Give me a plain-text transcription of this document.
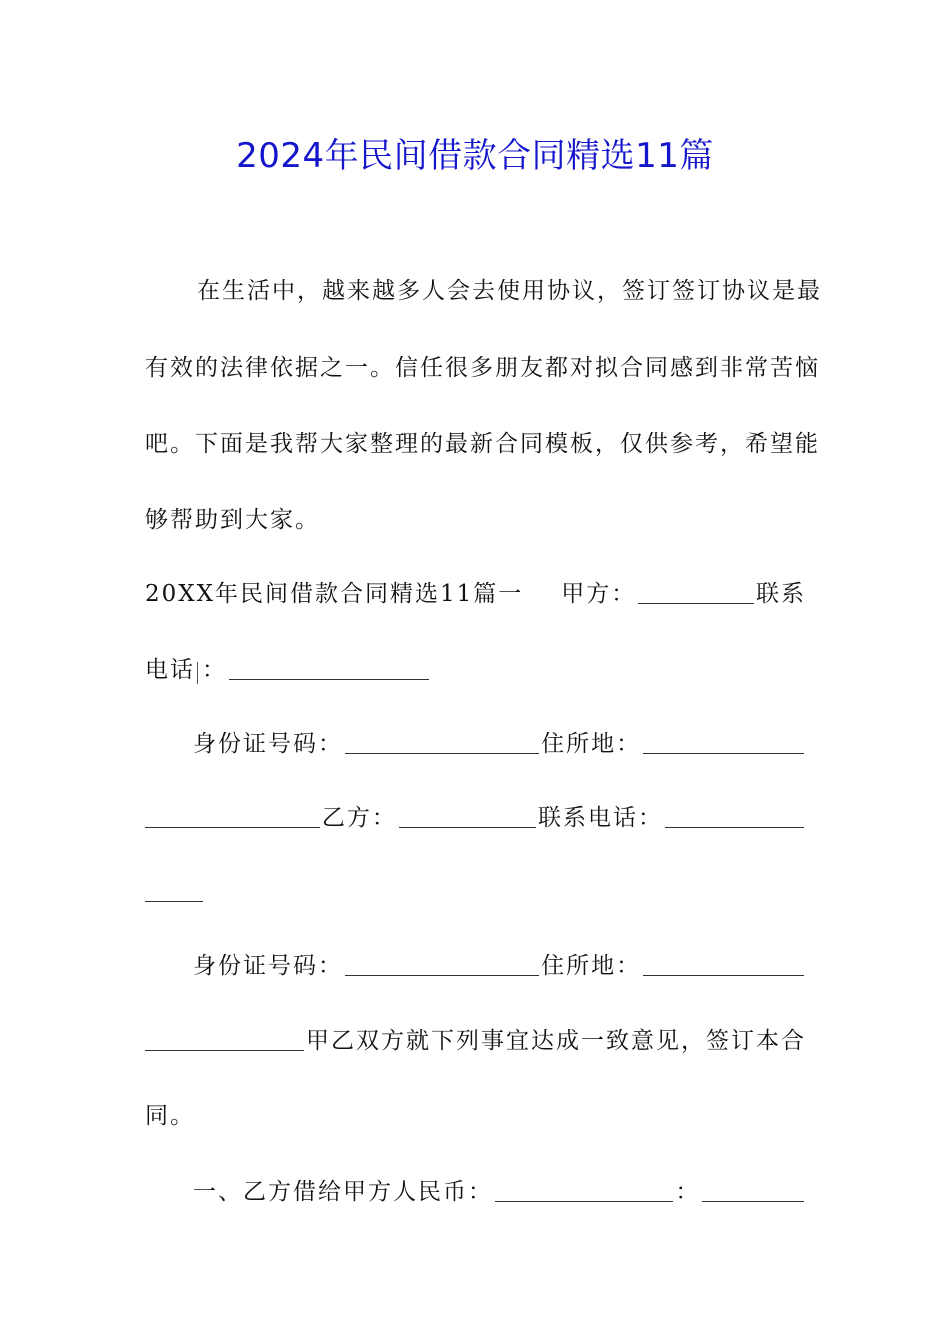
2024年民间借款合同精选11篇
在生活中，越来越多人会去使用协议，签订签订协议是最
有效的法律依据之一。信任很多朋友都对拟合同感到非常苦恼
吧。下面是我帮大家整理的最新合同模板，仅供参考，希望能
够帮助到大家。
20XX年民间借款合同精选11篇一 甲方：	联系
电话 ：
身份证号码：	住所地：
乙方：	联系电话：
身份证号码：	住所地：
甲乙双方就下列事宜达成一致意见，签订本合
同。
一、乙方借给甲方人民币：	：
